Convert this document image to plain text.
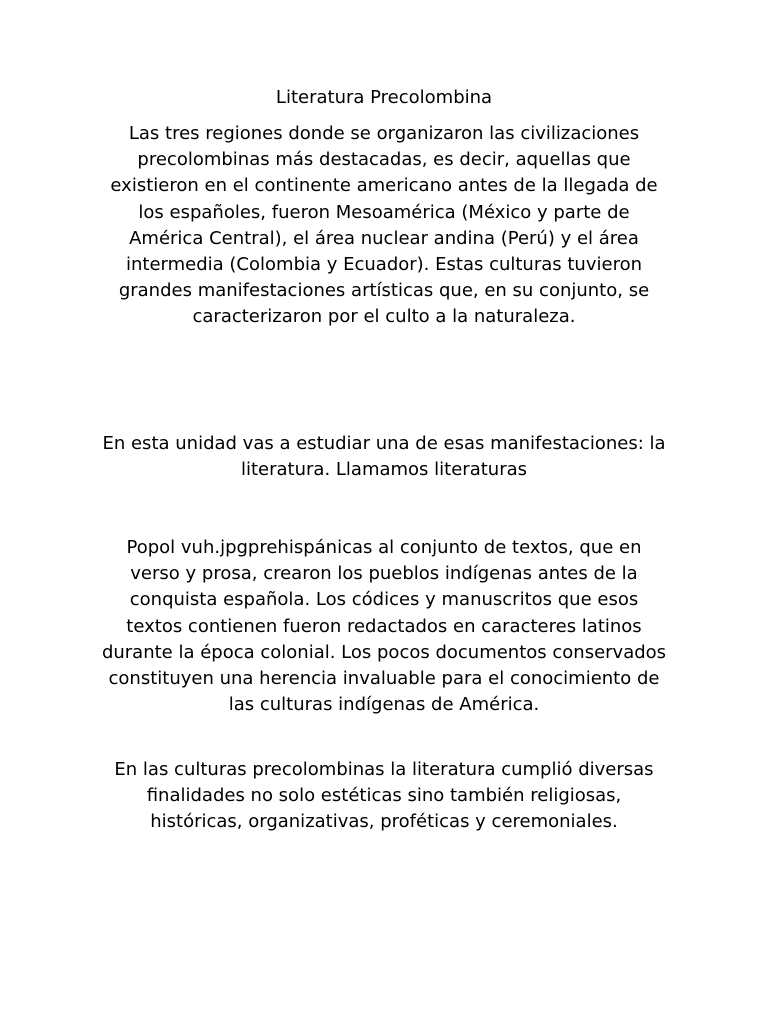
Literatura Precolombina

Las tres regiones donde se organizaron las civilizaciones precolombinas más destacadas, es decir, aquellas que existieron en el continente americano antes de la llegada de los españoles, fueron Mesoamérica (México y parte de América Central), el área nuclear andina (Perú) y el área intermedia (Colombia y Ecuador). Estas culturas tuvieron grandes manifestaciones artísticas que, en su conjunto, se caracterizaron por el culto a la naturaleza.

En esta unidad vas a estudiar una de esas manifestaciones: la literatura. Llamamos literaturas

Popol vuh.jpgprehispánicas al conjunto de textos, que en verso y prosa, crearon los pueblos indígenas antes de la conquista española. Los códices y manuscritos que esos textos contienen fueron redactados en caracteres latinos durante la época colonial. Los pocos documentos conservados constituyen una herencia invaluable para el conocimiento de las culturas indígenas de América.

En las culturas precolombinas la literatura cumplió diversas finalidades no solo estéticas sino también religiosas, históricas, organizativas, proféticas y ceremoniales.
